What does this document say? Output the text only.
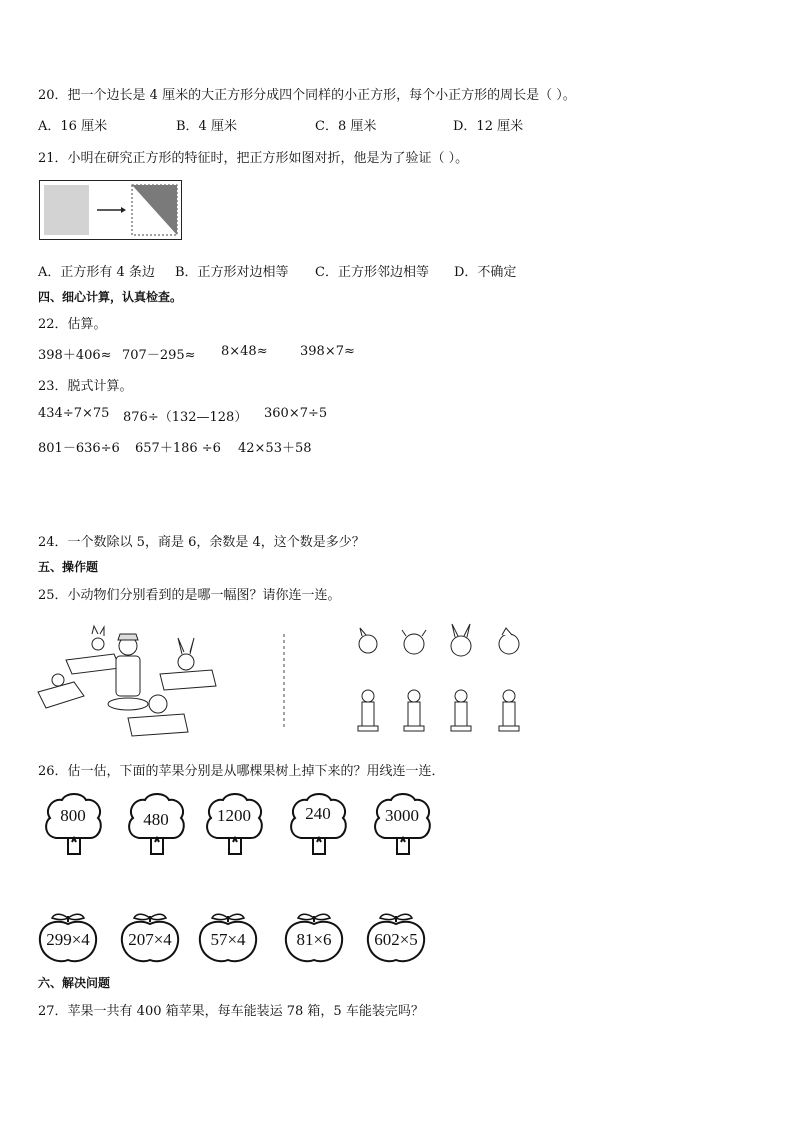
20．把一个边长是 4 厘米的大正方形分成四个同样的小正方形，每个小正方形的周长是（ ）。
A．16 厘米	B．4 厘米	C．8 厘米	D．12 厘米
21．小明在研究正方形的特征时，把正方形如图对折，他是为了验证（ ）。
A．正方形有 4 条边 B．正方形对边相等 C．正方形邻边相等 D．不确定
四、细心计算，认真检查。
22．估算。
398＋406≈ 707－295≈ 8×48≈ 398×7≈
23．脱式计算。
434÷7×75 876÷（132—128） 360×7÷5
801－636÷6 657＋186 ÷6 42×53＋58
24．一个数除以 5，商是 6，余数是 4，这个数是多少？
五、操作题
25．小动物们分别看到的是哪一幅图？请你连一连。
26．估一估，下面的苹果分别是从哪棵果树上掉下来的？用线连一连．
800	480	1200	240	3000
299×4	207×4	57×4	81×6	602×5
六、解决问题
27．苹果一共有 400 箱苹果，每车能装运 78 箱，5 车能装完吗？
